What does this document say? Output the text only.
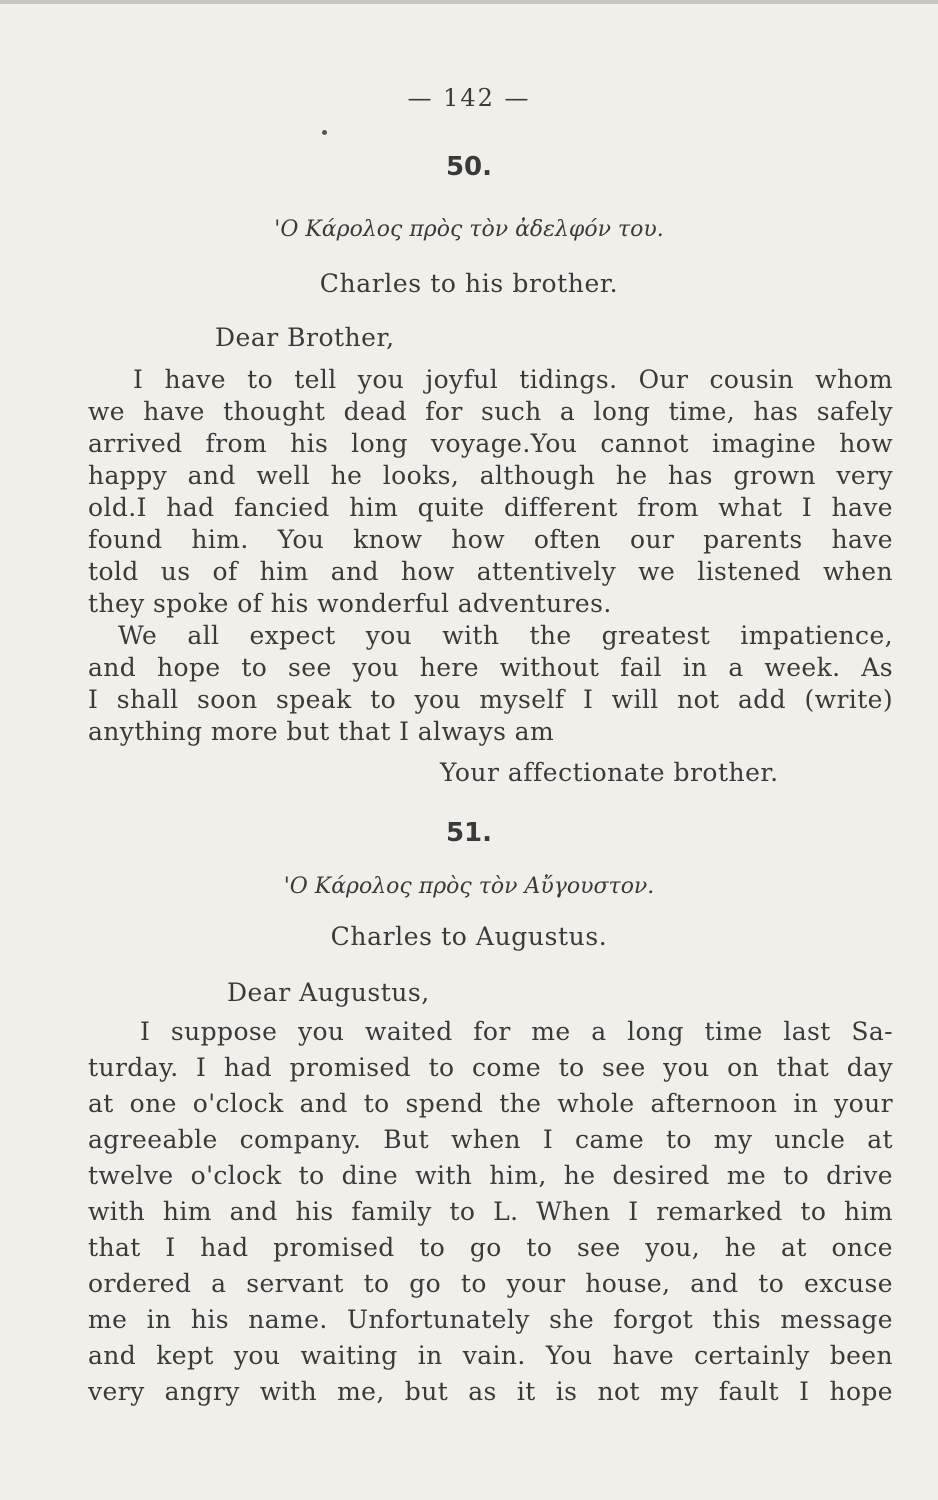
— 142 —
50.
'Ο Κάρολος πρὸς τὸν ἀδελφόν του.
Charles to his brother.
Dear Brother,
I have to tell you joyful tidings. Our cousin whom
we have thought dead for such a long time, has safely
arrived from his long voyage.You cannot imagine how
happy and well he looks, although he has grown very
old.I had fancied him quite different from what I have
found him. You know how often our parents have
told us of him and how attentively we listened when
they spoke of his wonderful adventures.
We all expect you with the greatest impatience,
and hope to see you here without fail in a week. As
I shall soon speak to you myself I will not add (write)
anything more but that I always am
Your affectionate brother.
51.
'Ο Κάρολος πρὸς τὸν Αὔγουστον.
Charles to Augustus.
Dear Augustus,
I suppose you waited for me a long time last Sa-
turday. I had promised to come to see you on that day
at one o'clock and to spend the whole afternoon in your
agreeable company. But when I came to my uncle at
twelve o'clock to dine with him, he desired me to drive
with him and his family to L. When I remarked to him
that I had promised to go to see you, he at once
ordered a servant to go to your house, and to excuse
me in his name. Unfortunately she forgot this message
and kept you waiting in vain. You have certainly been
very angry with me, but as it is not my fault I hope
